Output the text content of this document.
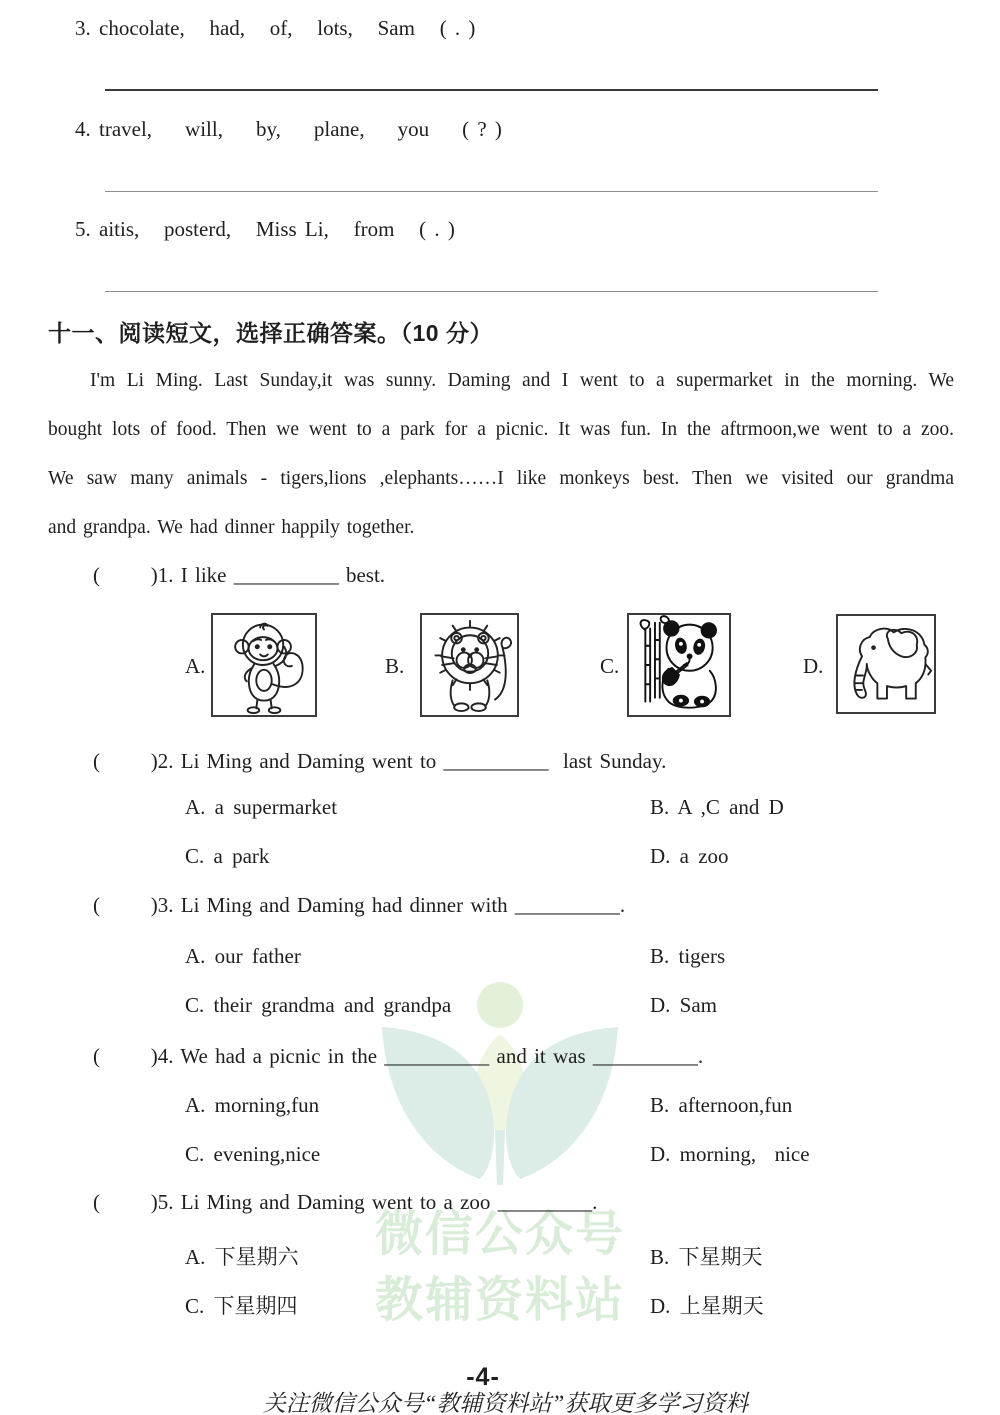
微信公众号
教辅资料站
3. chocolate,   had,   of,   lots,   Sam   ( . )
4. travel,    will,    by,    plane,    you    ( ? )
5. aitis,   posterd,   Miss Li,   from   ( . )
十一、阅读短文，选择正确答案。（10 分）
I'm Li Ming. Last Sunday,it was sunny. Daming and I went to a supermarket in the morning. We
bought lots of food. Then we went to a park for a picnic. It was fun. In the aftrmoon,we went to a zoo.
We saw many animals - tigers,lions ,elephants……I like monkeys best. Then we visited our grandma
and grandpa. We had dinner happily together.
(       )1. I like __________ best.
A.	B.	C.	D.
(       )2. Li Ming and Daming went to __________  last Sunday.
A. a supermarket	B. A ,C and D
C. a park	D. a zoo
(       )3. Li Ming and Daming had dinner with __________.
A. our father	B. tigers
C. their grandma and grandpa	D. Sam
(       )4. We had a picnic in the __________ and it was __________.
A. morning,fun	B. afternoon,fun
C. evening,nice	D. morning,  nice
(       )5. Li Ming and Daming went to a zoo _________.
A. 下星期六	B. 下星期天
C. 下星期四	D. 上星期天
-4-
关注微信公众号“教辅资料站”获取更多学习资料
